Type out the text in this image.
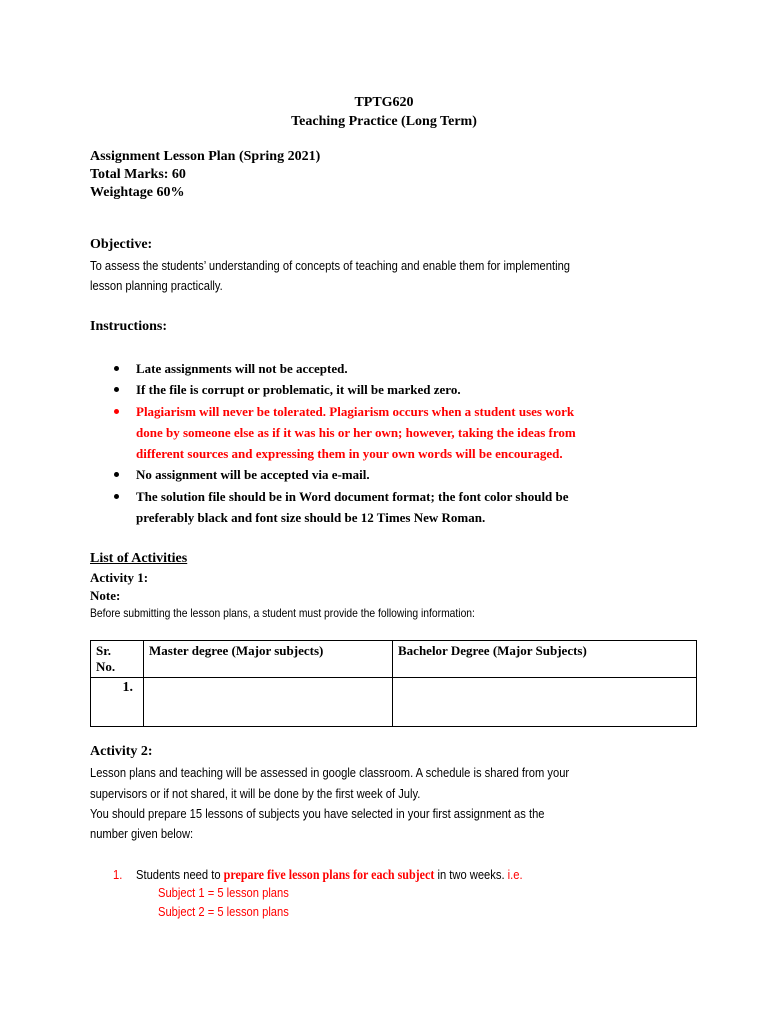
TPTG620
Teaching Practice (Long Term)
Assignment Lesson Plan (Spring 2021)
Total Marks: 60
Weightage 60%
Objective:
To assess the students’ understanding of concepts of teaching and enable them for implementing
lesson planning practically.
Instructions:
Late assignments will not be accepted.
If the file is corrupt or problematic, it will be marked zero.
Plagiarism will never be tolerated. Plagiarism occurs when a student uses work
done by someone else as if it was his or her own; however, taking the ideas from
different sources and expressing them in your own words will be encouraged.
No assignment will be accepted via e-mail.
The solution file should be in Word document format; the font color should be
preferably black and font size should be 12 Times New Roman.
List of Activities
Activity 1:
Note:
Before submitting the lesson plans, a student must provide the following information:
Sr.
No.	Master degree (Major subjects)	Bachelor Degree (Major Subjects)
1.		
Activity 2:
Lesson plans and teaching will be assessed in google classroom. A schedule is shared from your
supervisors or if not shared, it will be done by the first week of July.
You should prepare 15 lessons of subjects you have selected in your first assignment as the
number given below:
1. Students need to prepare five lesson plans for each subject in two weeks. i.e.
Subject 1 = 5 lesson plans
Subject 2 = 5 lesson plans
